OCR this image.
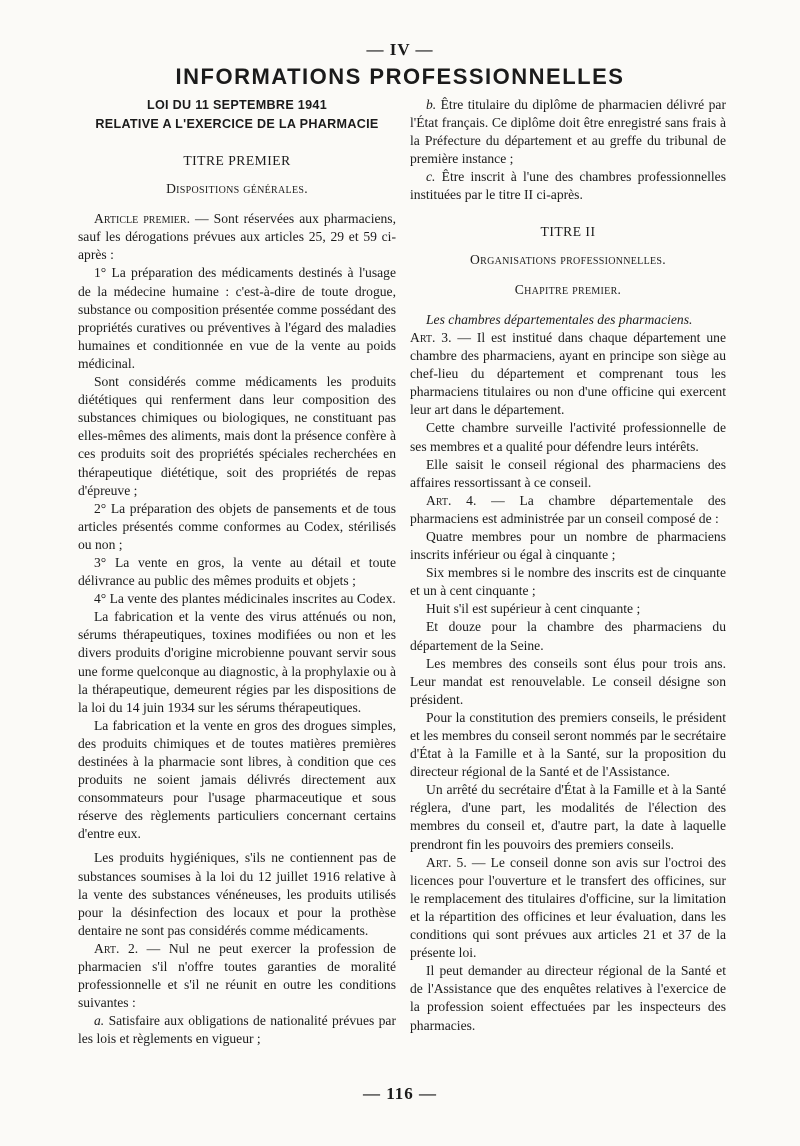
— IV —
INFORMATIONS PROFESSIONNELLES
LOI DU 11 SEPTEMBRE 1941
RELATIVE A L'EXERCICE DE LA PHARMACIE
TITRE PREMIER
Dispositions générales.

Article premier. — Sont réservées aux pharmaciens, sauf les dérogations prévues aux articles 25, 29 et 59 ci-après :

1° La préparation des médicaments destinés à l'usage de la médecine humaine : c'est-à-dire de toute drogue, substance ou composition présentée comme possédant des propriétés curatives ou préventives à l'égard des maladies humaines et conditionnée en vue de la vente au poids médicinal.

Sont considérés comme médicaments les produits diététiques qui renferment dans leur composition des substances chimiques ou biologiques, ne constituant pas elles-mêmes des aliments, mais dont la présence confère à ces produits soit des propriétés spéciales recherchées en thérapeutique diététique, soit des propriétés de repas d'épreuve ;

2° La préparation des objets de pansements et de tous articles présentés comme conformes au Codex, stérilisés ou non ;

3° La vente en gros, la vente au détail et toute délivrance au public des mêmes produits et objets ;

4° La vente des plantes médicinales inscrites au Codex.

La fabrication et la vente des virus atténués ou non, sérums thérapeutiques, toxines modifiées ou non et les divers produits d'origine microbienne pouvant servir sous une forme quelconque au diagnostic, à la prophylaxie ou à la thérapeutique, demeurent régies par les dispositions de la loi du 14 juin 1934 sur les sérums thérapeutiques.

La fabrication et la vente en gros des drogues simples, des produits chimiques et de toutes matières premières destinées à la pharmacie sont libres, à condition que ces produits ne soient jamais délivrés directement aux consommateurs pour l'usage pharmaceutique et sous réserve des règlements particuliers concernant certains d'entre eux.

Les produits hygiéniques, s'ils ne contiennent pas de substances soumises à la loi du 12 juillet 1916 relative à la vente des substances vénéneuses, les produits utilisés pour la désinfection des locaux et pour la prothèse dentaire ne sont pas considérés comme médicaments.

Art. 2. — Nul ne peut exercer la profession de pharmacien s'il n'offre toutes garanties de moralité professionnelle et s'il ne réunit en outre les conditions suivantes :

a. Satisfaire aux obligations de nationalité prévues par les lois et règlements en vigueur ;

b. Être titulaire du diplôme de pharmacien délivré par l'État français. Ce diplôme doit être enregistré sans frais à la Préfecture du département et au greffe du tribunal de première instance ;

c. Être inscrit à l'une des chambres professionnelles instituées par le titre II ci-après.

TITRE II
Organisations professionnelles.
Chapitre premier.

Les chambres départementales des pharmaciens.

Art. 3. — Il est institué dans chaque département une chambre des pharmaciens, ayant en principe son siège au chef-lieu du département et comprenant tous les pharmaciens titulaires ou non d'une officine qui exercent leur art dans le département.

Cette chambre surveille l'activité professionnelle de ses membres et a qualité pour défendre leurs intérêts.

Elle saisit le conseil régional des pharmaciens des affaires ressortissant à ce conseil.

Art. 4. — La chambre départementale des pharmaciens est administrée par un conseil composé de :

Quatre membres pour un nombre de pharmaciens inscrits inférieur ou égal à cinquante ;

Six membres si le nombre des inscrits est de cinquante et un à cent cinquante ;

Huit s'il est supérieur à cent cinquante ;

Et douze pour la chambre des pharmaciens du département de la Seine.

Les membres des conseils sont élus pour trois ans. Leur mandat est renouvelable. Le conseil désigne son président.

Pour la constitution des premiers conseils, le président et les membres du conseil seront nommés par le secrétaire d'État à la Famille et à la Santé, sur la proposition du directeur régional de la Santé et de l'Assistance.

Un arrêté du secrétaire d'État à la Famille et à la Santé réglera, d'une part, les modalités de l'élection des membres du conseil et, d'autre part, la date à laquelle prendront fin les pouvoirs des premiers conseils.

Art. 5. — Le conseil donne son avis sur l'octroi des licences pour l'ouverture et le transfert des officines, sur le remplacement des titulaires d'officine, sur la limitation et la répartition des officines et leur évaluation, dans les conditions qui sont prévues aux articles 21 et 37 de la présente loi.

Il peut demander au directeur régional de la Santé et de l'Assistance que des enquêtes relatives à l'exercice de la profession soient effectuées par les inspecteurs des pharmacies.

— 116 —
